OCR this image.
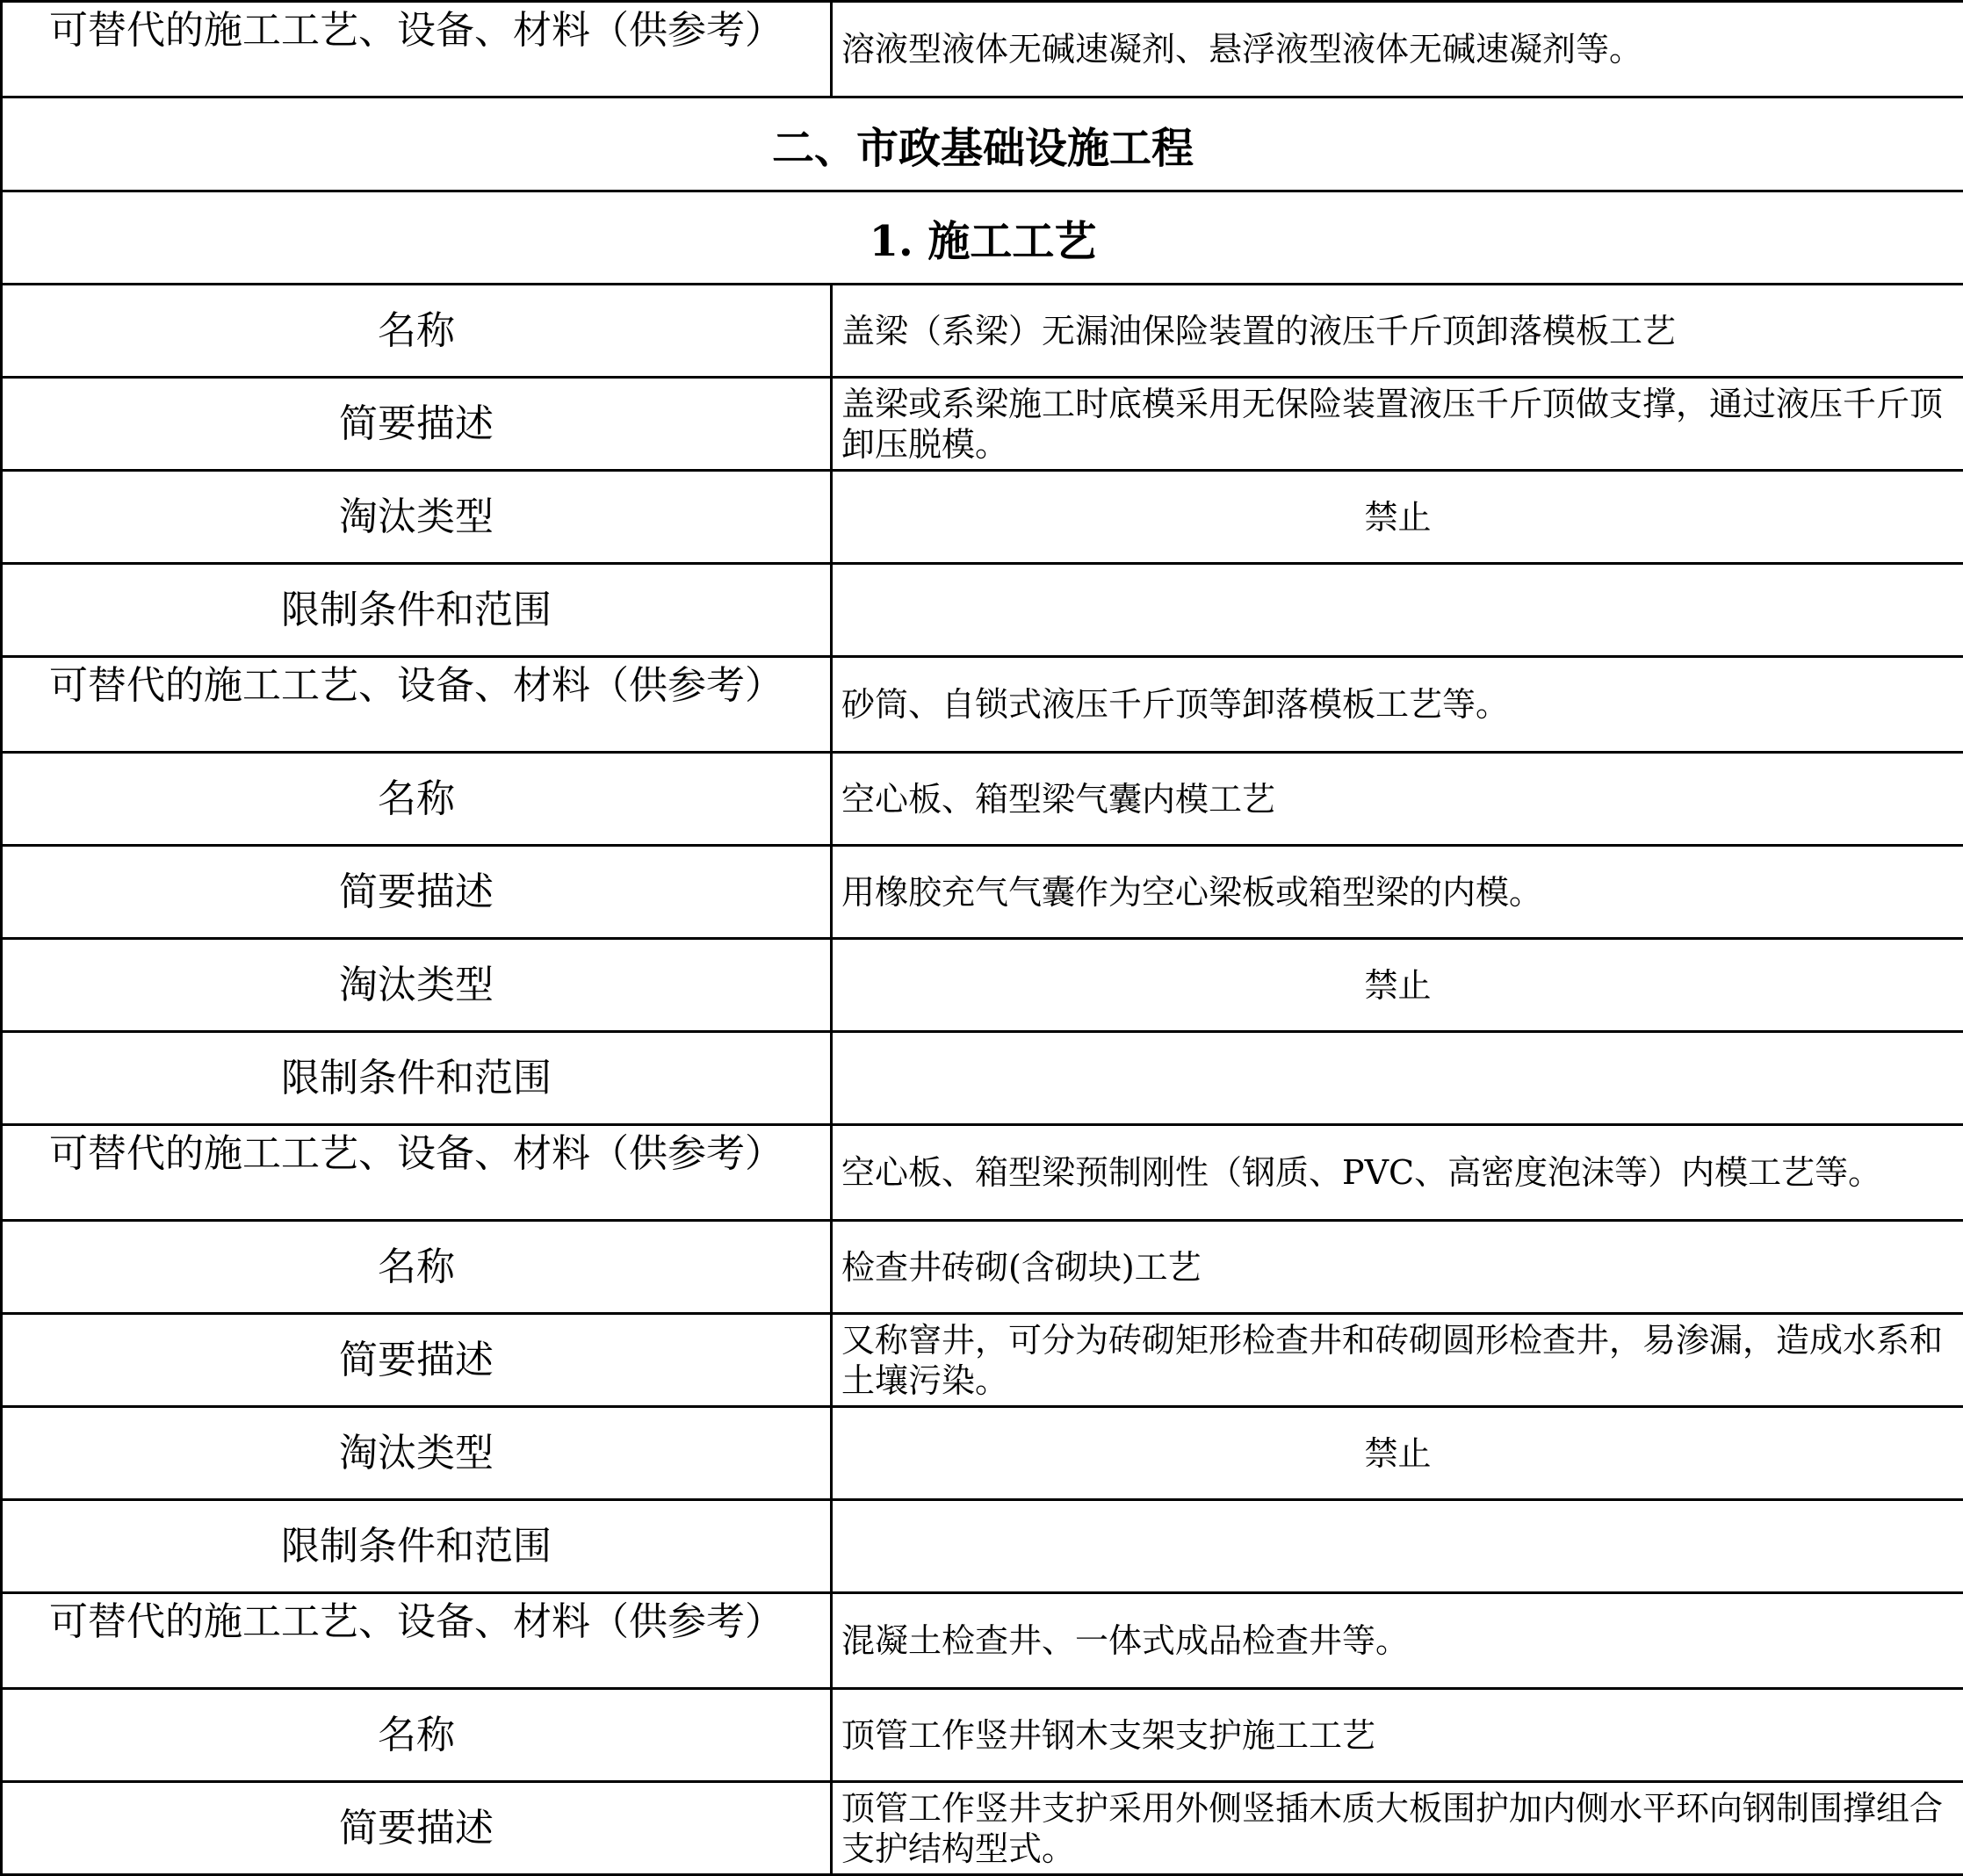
可替代的施工工艺、设备、材料（供参考）	溶液型液体无碱速凝剂、悬浮液型液体无碱速凝剂等。
二、市政基础设施工程	
1. 施工工艺	
名称	盖梁（系梁）无漏油保险装置的液压千斤顶卸落模板工艺
简要描述	盖梁或系梁施工时底模采用无保险装置液压千斤顶做支撑，通过液压千斤顶卸压脱模。
淘汰类型	禁止
限制条件和范围	
可替代的施工工艺、设备、材料（供参考）	砂筒、自锁式液压千斤顶等卸落模板工艺等。
名称	空心板、箱型梁气囊内模工艺
简要描述	用橡胶充气气囊作为空心梁板或箱型梁的内模。
淘汰类型	禁止
限制条件和范围	
可替代的施工工艺、设备、材料（供参考）	空心板、箱型梁预制刚性（钢质、PVC、高密度泡沫等）内模工艺等。
名称	检查井砖砌(含砌块)工艺
简要描述	又称窨井，可分为砖砌矩形检查井和砖砌圆形检查井，易渗漏，造成水系和土壤污染。
淘汰类型	禁止
限制条件和范围	
可替代的施工工艺、设备、材料（供参考）	混凝土检查井、一体式成品检查井等。
名称	顶管工作竖井钢木支架支护施工工艺
简要描述	顶管工作竖井支护采用外侧竖插木质大板围护加内侧水平环向钢制围撑组合支护结构型式。
